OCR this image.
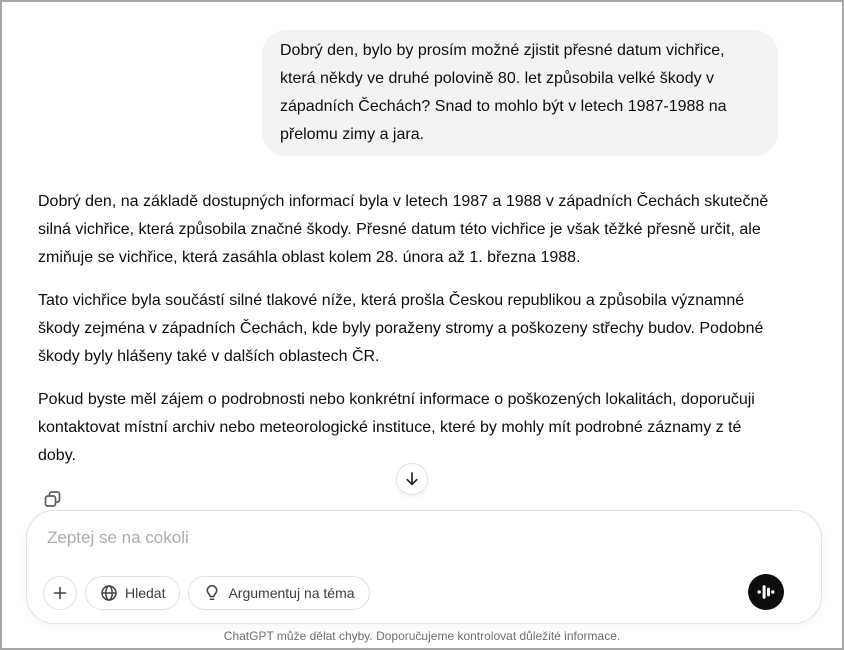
Dobrý den, bylo by prosím možné zjistit přesné datum vichřice, která někdy ve druhé polovině 80. let způsobila velké škody v západních Čechách? Snad to mohlo být v letech 1987-1988 na přelomu zimy a jara.

Dobrý den, na základě dostupných informací byla v letech 1987 a 1988 v západních Čechách skutečně silná vichřice, která způsobila značné škody. Přesné datum této vichřice je však těžké přesně určit, ale zmiňuje se vichřice, která zasáhla oblast kolem 28. února až 1. března 1988.

Tato vichřice byla součástí silné tlakové níže, která prošla Českou republikou a způsobila významné škody zejména v západních Čechách, kde byly poraženy stromy a poškozeny střechy budov. Podobné škody byly hlášeny také v dalších oblastech ČR.

Pokud byste měl zájem o podrobnosti nebo konkrétní informace o poškozených lokalitách, doporučuji kontaktovat místní archiv nebo meteorologické instituce, které by mohly mít podrobné záznamy z té doby.

Zeptej se na cokoli
Hledat	Argumentuj na téma
ChatGPT může dělat chyby. Doporučujeme kontrolovat důležité informace.
